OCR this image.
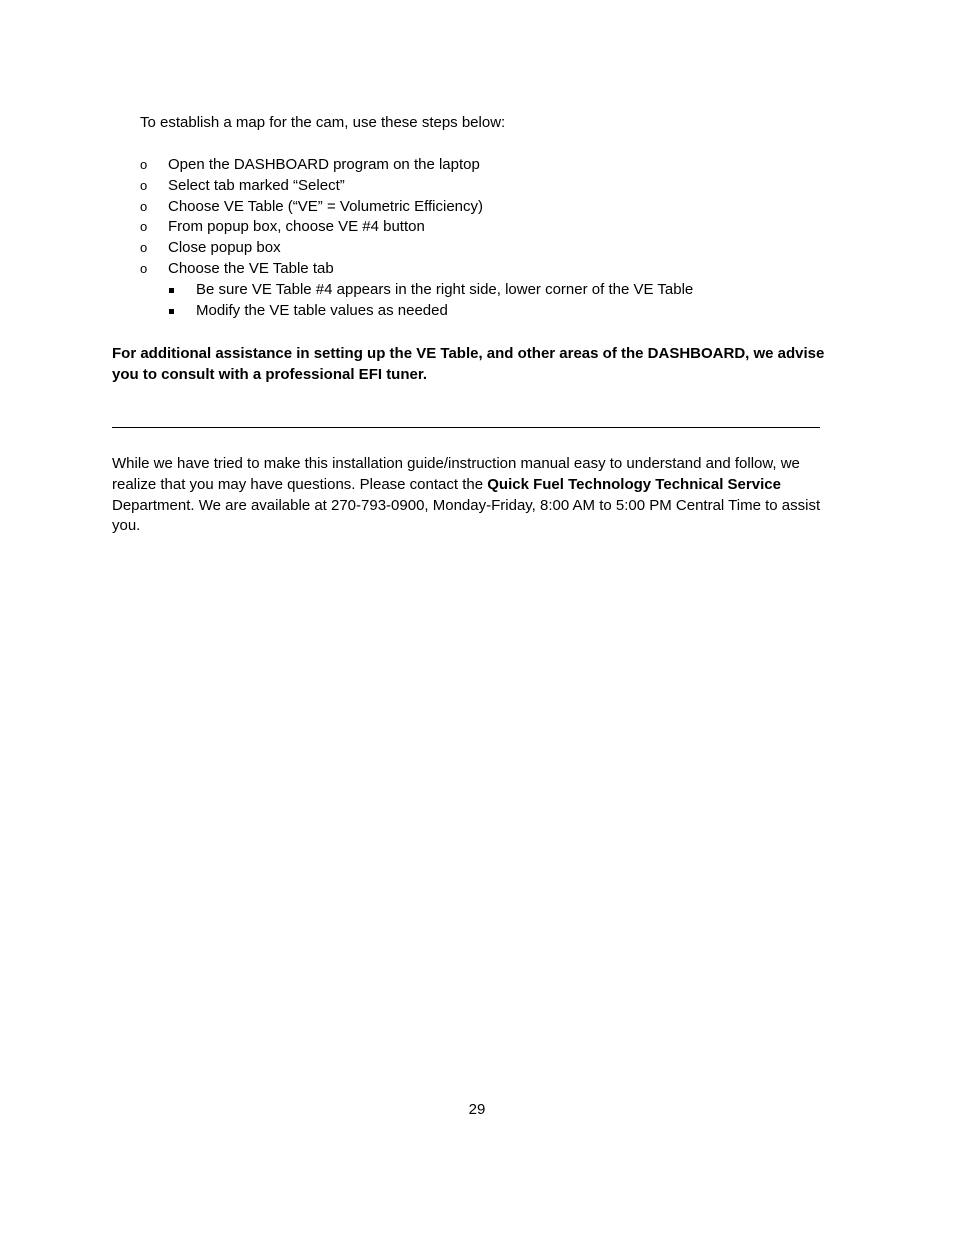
To establish a map for the cam, use these steps below:

o	Open the DASHBOARD program on the laptop
o	Select tab marked “Select”
o	Choose VE Table (“VE” = Volumetric Efficiency)
o	From popup box, choose VE #4 button
o	Close popup box
o	Choose the VE Table tab
Be sure VE Table #4 appears in the right side, lower corner of the VE Table
Modify the VE table values as needed

For additional assistance in setting up the VE Table, and other areas of the DASHBOARD, we advise you to consult with a professional EFI tuner.

While we have tried to make this installation guide/instruction manual easy to understand and follow, we realize that you may have questions. Please contact the Quick Fuel Technology Technical Service Department. We are available at 270-793-0900, Monday-Friday, 8:00 AM to 5:00 PM Central Time to assist you.

29
